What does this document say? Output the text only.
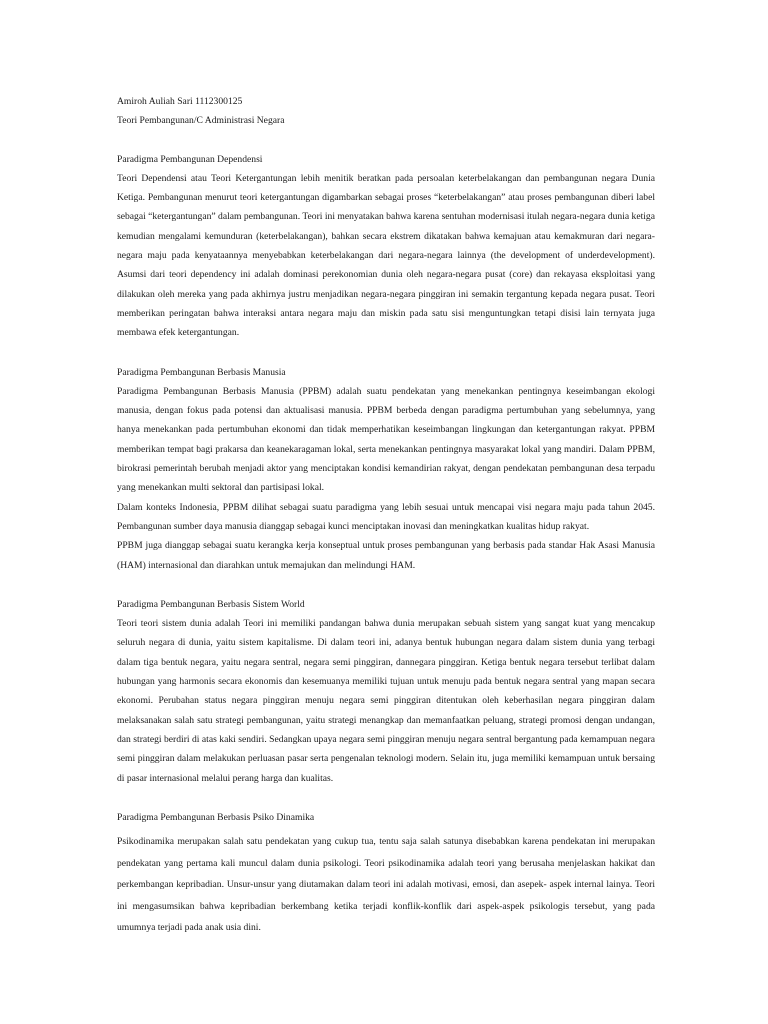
Amiroh Auliah Sari 1112300125

Teori Pembangunan/C Administrasi Negara

Paradigma Pembangunan Dependensi

Teori Dependensi atau Teori Ketergantungan lebih menitik beratkan pada persoalan keterbelakangan dan pembangunan negara Dunia Ketiga. Pembangunan menurut teori ketergantungan digambarkan sebagai proses “keterbelakangan” atau proses pembangunan diberi label sebagai “ketergantungan” dalam pembangunan. Teori ini menyatakan bahwa karena sentuhan modernisasi itulah negara-negara dunia ketiga kemudian mengalami kemunduran (keterbelakangan), bahkan secara ekstrem dikatakan bahwa kemajuan atau kemakmuran dari negara-negara maju pada kenyataannya menyebabkan keterbelakangan dari negara-negara lainnya (the development of underdevelopment). Asumsi dari teori dependency ini adalah dominasi perekonomian dunia oleh negara-negara pusat (core) dan rekayasa eksploitasi yang dilakukan oleh mereka yang pada akhirnya justru menjadikan negara-negara pinggiran ini semakin tergantung kepada negara pusat. Teori memberikan peringatan bahwa interaksi antara negara maju dan miskin pada satu sisi menguntungkan tetapi disisi lain ternyata juga membawa efek ketergantungan.

Paradigma Pembangunan Berbasis Manusia

Paradigma Pembangunan Berbasis Manusia (PPBM) adalah suatu pendekatan yang menekankan pentingnya keseimbangan ekologi manusia, dengan fokus pada potensi dan aktualisasi manusia. PPBM berbeda dengan paradigma pertumbuhan yang sebelumnya, yang hanya menekankan pada pertumbuhan ekonomi dan tidak memperhatikan keseimbangan lingkungan dan ketergantungan rakyat. PPBM memberikan tempat bagi prakarsa dan keanekaragaman lokal, serta menekankan pentingnya masyarakat lokal yang mandiri. Dalam PPBM, birokrasi pemerintah berubah menjadi aktor yang menciptakan kondisi kemandirian rakyat, dengan pendekatan pembangunan desa terpadu yang menekankan multi sektoral dan partisipasi lokal.

Dalam konteks Indonesia, PPBM dilihat sebagai suatu paradigma yang lebih sesuai untuk mencapai visi negara maju pada tahun 2045. Pembangunan sumber daya manusia dianggap sebagai kunci menciptakan inovasi dan meningkatkan kualitas hidup rakyat.

PPBM juga dianggap sebagai suatu kerangka kerja konseptual untuk proses pembangunan yang berbasis pada standar Hak Asasi Manusia (HAM) internasional dan diarahkan untuk memajukan dan melindungi HAM.

Paradigma Pembangunan Berbasis Sistem World

Teori teori sistem dunia adalah Teori ini memiliki pandangan bahwa dunia merupakan sebuah sistem yang sangat kuat yang mencakup seluruh negara di dunia, yaitu sistem kapitalisme. Di dalam teori ini, adanya bentuk hubungan negara dalam sistem dunia yang terbagi dalam tiga bentuk negara, yaitu negara sentral, negara semi pinggiran, dannegara pinggiran. Ketiga bentuk negara tersebut terlibat dalam hubungan yang harmonis secara ekonomis dan kesemuanya memiliki tujuan untuk menuju pada bentuk negara sentral yang mapan secara ekonomi. Perubahan status negara pinggiran menuju negara semi pinggiran ditentukan oleh keberhasilan negara pinggiran dalam melaksanakan salah satu strategi pembangunan, yaitu strategi menangkap dan memanfaatkan peluang, strategi promosi dengan undangan, dan strategi berdiri di atas kaki sendiri. Sedangkan upaya negara semi pinggiran menuju negara sentral bergantung pada kemampuan negara semi pinggiran dalam melakukan perluasan pasar serta pengenalan teknologi modern. Selain itu, juga memiliki kemampuan untuk bersaing di pasar internasional melalui perang harga dan kualitas.

Paradigma Pembangunan Berbasis Psiko Dinamika

Psikodinamika merupakan salah satu pendekatan yang cukup tua, tentu saja salah satunya disebabkan karena pendekatan ini merupakan pendekatan yang pertama kali muncul dalam dunia psikologi. Teori psikodinamika adalah teori yang berusaha menjelaskan hakikat dan perkembangan kepribadian. Unsur-unsur yang diutamakan dalam teori ini adalah motivasi, emosi, dan asepek- aspek internal lainya. Teori ini mengasumsikan bahwa kepribadian berkembang ketika terjadi konflik-konflik dari aspek-aspek psikologis tersebut, yang pada umumnya terjadi pada anak usia dini.
